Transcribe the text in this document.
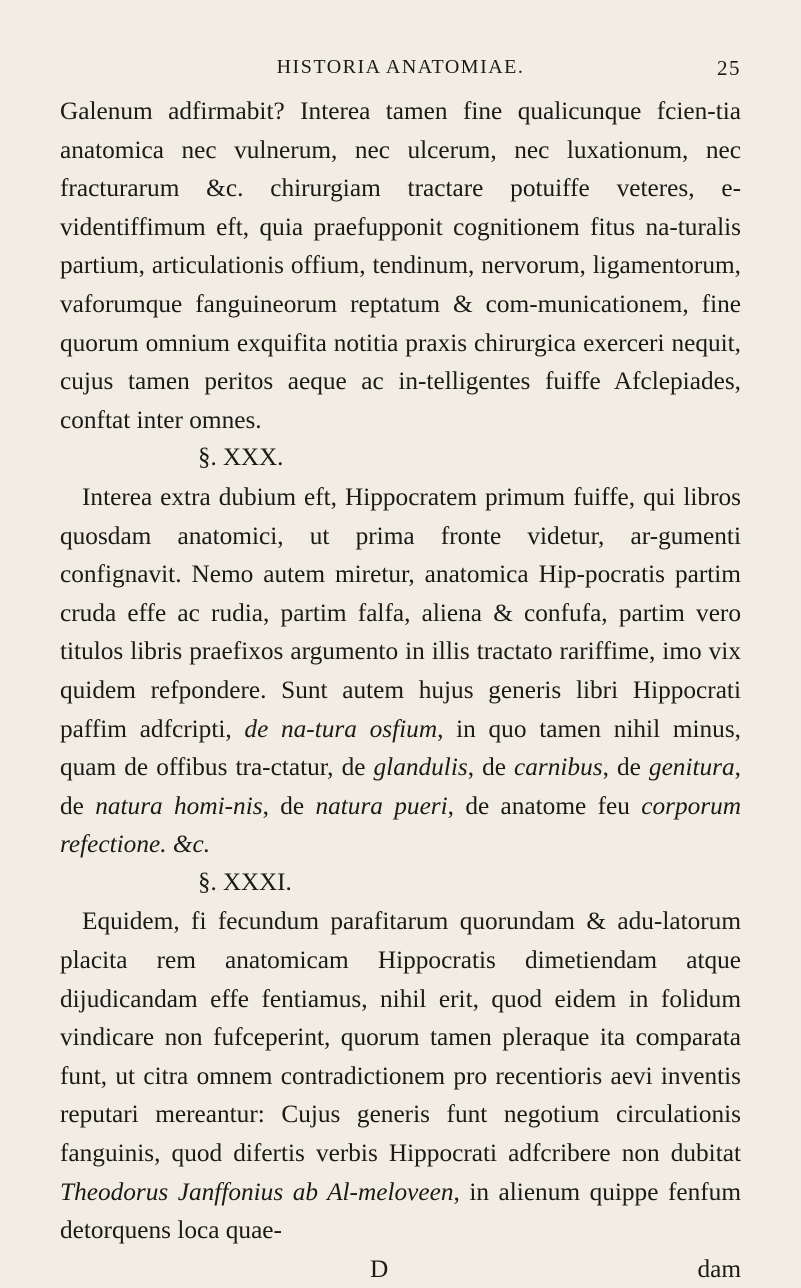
HISTORIA ANATOMIAE.	25

Galenum adfirmabit? Interea tamen fine qualicunque fcien-tia anatomica nec vulnerum, nec ulcerum, nec luxationum, nec fracturarum &c. chirurgiam tractare potuiffe veteres, e-videntiffimum eft, quia praefupponit cognitionem fitus na-turalis partium, articulationis offium, tendinum, nervorum, ligamentorum, vaforumque fanguineorum reptatum & com-municationem, fine quorum omnium exquifita notitia praxis chirurgica exerceri nequit, cujus tamen peritos aeque ac in-telligentes fuiffe Afclepiades, conftat inter omnes.

§. XXX.

Interea extra dubium eft, Hippocratem primum fuiffe, qui libros quosdam anatomici, ut prima fronte videtur, ar-gumenti confignavit. Nemo autem miretur, anatomica Hip-pocratis partim cruda effe ac rudia, partim falfa, aliena & confufa, partim vero titulos libris praefixos argumento in illis tractato rariffime, imo vix quidem refpondere. Sunt autem hujus generis libri Hippocrati paffim adfcripti, de na-tura osfium, in quo tamen nihil minus, quam de offibus tra-ctatur, de glandulis, de carnibus, de genitura, de natura homi-nis, de natura pueri, de anatome feu corporum refectione. &c.

§. XXXI.

Equidem, fi fecundum parafitarum quorundam & adu-latorum placita rem anatomicam Hippocratis dimetiendam atque dijudicandam effe fentiamus, nihil erit, quod eidem in folidum vindicare non fufceperint, quorum tamen pleraque ita comparata funt, ut citra omnem contradictionem pro recentioris aevi inventis reputari mereantur: Cujus generis funt negotium circulationis fanguinis, quod difertis verbis Hippocrati adfcribere non dubitat Theodorus Janffonius ab Al-meloveen, in alienum quippe fenfum detorquens loca quae-

D	dam
